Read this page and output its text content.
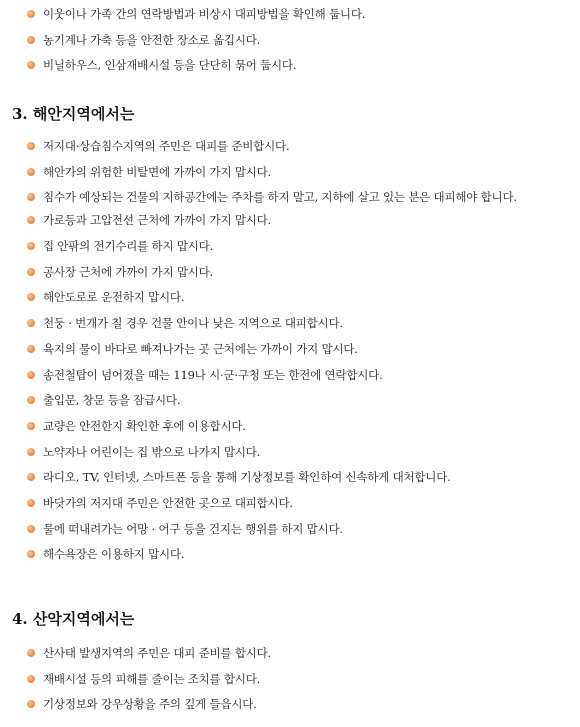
이웃이나 가족 간의 연락방법과 비상시 대피방법을 확인해 둡니다.
농기계나 가축 등을 안전한 장소로 옮깁시다.
비닐하우스, 인삼재배시설 등을 단단히 묶어 둡시다.
3. 해안지역에서는
저지대·상습침수지역의 주민은 대피를 준비합시다.
해안가의 위험한 비탈면에 가까이 가지 맙시다.
침수가 예상되는 건물의 지하공간에는 주차를 하지 말고, 지하에 살고 있는 분은 대피해야 합니다.
가로등과 고압전선 근처에 가까이 가지 맙시다.
집 안팎의 전기수리를 하지 맙시다.
공사장 근처에 가까이 가지 맙시다.
해안도로로 운전하지 맙시다.
천둥 · 번개가 칠 경우 건물 안이나 낮은 지역으로 대피합시다.
육지의 물이 바다로 빠져나가는 곳 근처에는 가까이 가지 맙시다.
송전철탑이 넘어졌을 때는 119나 시·군·구청 또는 한전에 연락합시다.
출입문, 창문 등을 잠급시다.
교량은 안전한지 확인한 후에 이용합시다.
노약자나 어린이는 집 밖으로 나가지 맙시다.
라디오, TV, 인터넷, 스마트폰 등을 통해 기상정보를 확인하여 신속하게 대처합니다.
바닷가의 저지대 주민은 안전한 곳으로 대피합시다.
물에 떠내려가는 어망 · 어구 등을 건지는 행위를 하지 맙시다.
해수욕장은 이용하지 맙시다.
4. 산악지역에서는
산사태 발생지역의 주민은 대피 준비를 합시다.
재배시설 등의 피해를 줄이는 조치를 합시다.
기상정보와 강우상황을 주의 깊게 들읍시다.
